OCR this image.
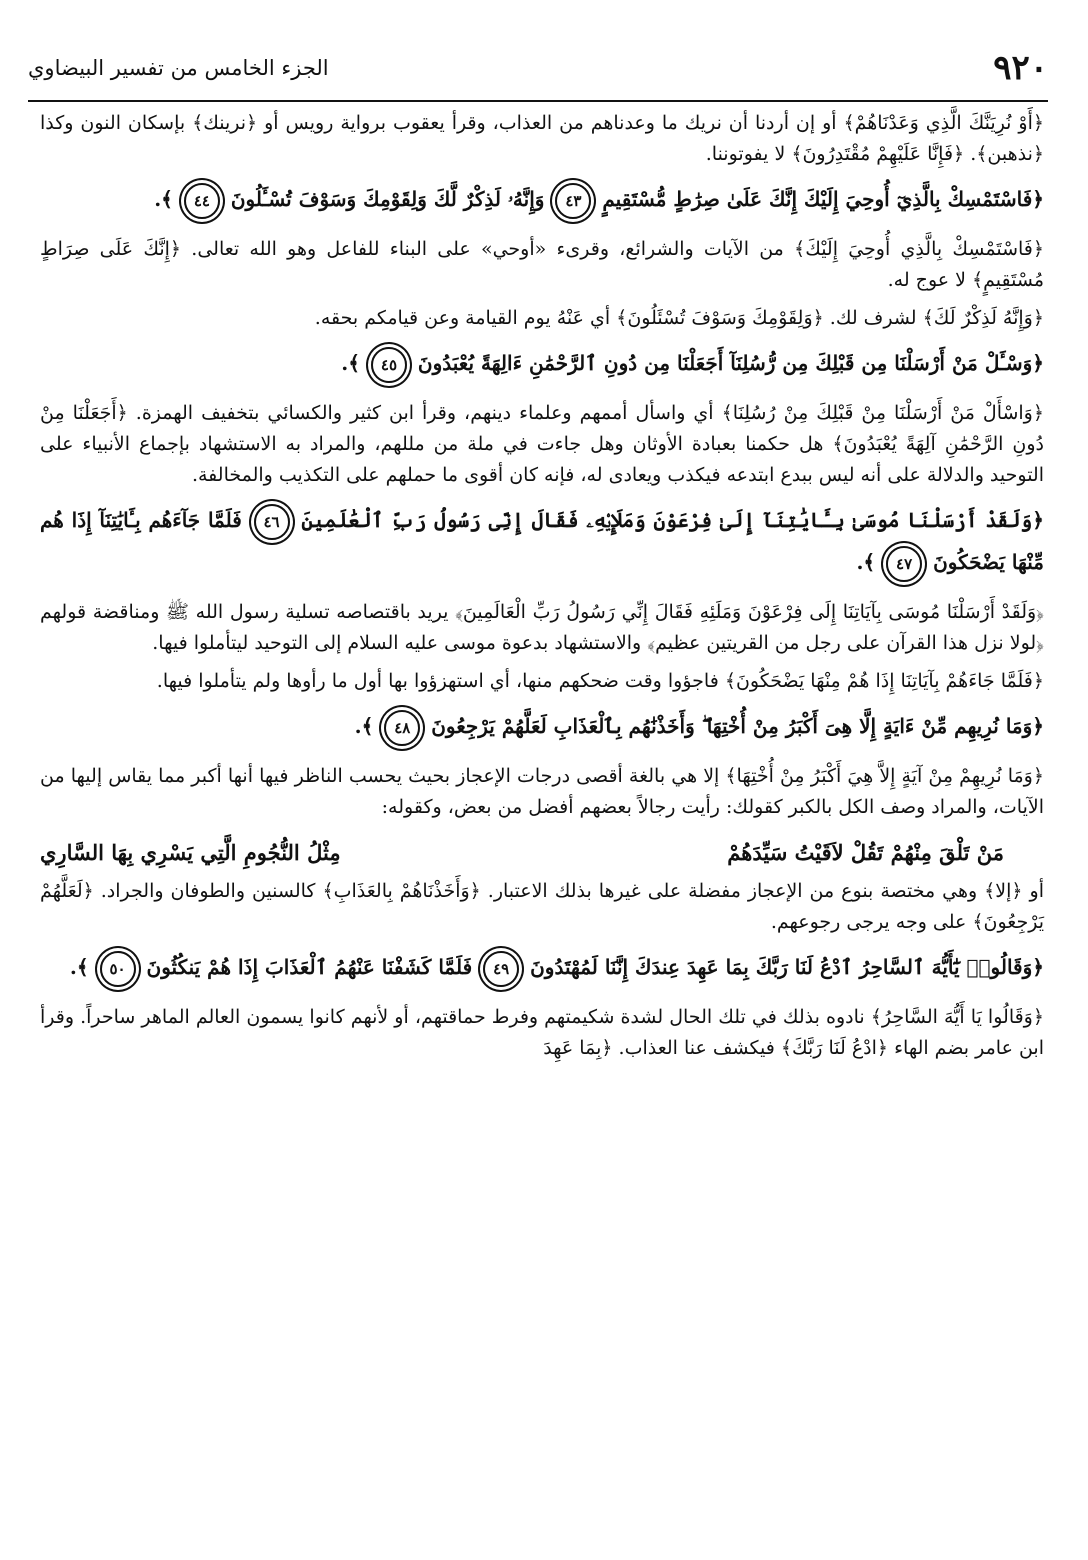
٩٢٠
الجزء الخامس من تفسير البيضاوي

﴿أَوْ نُرِيَنَّكَ الَّذِي وَعَدْنَاهُمْ﴾ أو إن أردنا أن نريك ما وعدناهم من العذاب، وقرأ يعقوب برواية رويس أو ﴿نرينك﴾ بإسكان النون وكذا ﴿نذهبن﴾. ﴿فَإِنَّا عَلَيْهِمْ مُقْتَدِرُونَ﴾ لا يفوتوننا.

﴿فَاسْتَمْسِكْ بِالَّذِيٓ أُوحِيَ إِلَيْكَ إِنَّكَ عَلَىٰ صِرَٰطٍ مُّسْتَقِيمٍ ٤٣ وَإِنَّهُۥ لَذِكْرٌ لَّكَ وَلِقَوْمِكَ وَسَوْفَ تُسْـَٔلُونَ ٤٤ ﴾.

﴿فَاسْتَمْسِكْ بِالَّذِي أُوحِيَ إِلَيْكَ﴾ من الآيات والشرائع، وقرىء «أوحي» على البناء للفاعل وهو الله تعالى. ﴿إِنَّكَ عَلَى صِرَاطٍ مُسْتَقِيمٍ﴾ لا عوج له.

﴿وَإِنَّهُ لَذِكْرٌ لَكَ﴾ لشرف لك. ﴿وَلِقَوْمِكَ وَسَوْفَ تُسْئَلُونَ﴾ أي عَنْهُ يوم القيامة وعن قيامكم بحقه.

﴿وَسْـَٔلْ مَنْ أَرْسَلْنَا مِن قَبْلِكَ مِن رُّسُلِنَآ أَجَعَلْنَا مِن دُونِ ٱلرَّحْمَٰنِ ءَالِهَةً يُعْبَدُونَ ٤٥ ﴾.

﴿وَاسْأَلْ مَنْ أَرْسَلْنَا مِنْ قَبْلِكَ مِنْ رُسُلِنَا﴾ أي واسأل أممهم وعلماء دينهم، وقرأ ابن كثير والكسائي بتخفيف الهمزة. ﴿أَجَعَلْنَا مِنْ دُونِ الرَّحْمَٰنِ آلِهَةً يُعْبَدُونَ﴾ هل حكمنا بعبادة الأوثان وهل جاءت في ملة من مللهم، والمراد به الاستشهاد بإجماع الأنبياء على التوحيد والدلالة على أنه ليس ببدع ابتدعه فيكذب ويعادى له، فإنه كان أقوى ما حملهم على التكذيب والمخالفة.

﴿وَلَقَدْ أَرْسَلْنَا مُوسَىٰ بِـَٔايَٰتِنَآ إِلَىٰ فِرْعَوْنَ وَمَلَإِي۟هِۦ فَقَالَ إِنِّى رَسُولُ رَبِّ ٱلْعَٰلَمِينَ ٤٦ فَلَمَّا جَآءَهُم بِـَٔايَٰتِنَآ إِذَا هُم مِّنْهَا يَضْحَكُونَ ٤٧ ﴾.

﴿وَلَقَدْ أَرْسَلْنَا مُوسَى بِآيَاتِنَا إِلَى فِرْعَوْنَ وَمَلَئِهِ فَقَالَ إِنِّي رَسُولُ رَبِّ الْعَالَمِينَ﴾ يريد باقتصاصه تسلية رسول الله ﷺ ومناقضة قولهم ﴿لولا نزل هذا القرآن على رجل من القريتين عظيم﴾ والاستشهاد بدعوة موسى عليه السلام إلى التوحيد ليتأملوا فيها.

﴿فَلَمَّا جَاءَهُمْ بِآيَاتِنَا إِذَا هُمْ مِنْهَا يَضْحَكُونَ﴾ فاجؤوا وقت ضحكهم منها، أي استهزؤوا بها أول ما رأوها ولم يتأملوا فيها.

﴿وَمَا نُرِيهِم مِّنْ ءَايَةٍ إِلَّا هِىَ أَكْبَرُ مِنْ أُخْتِهَا ۖ وَأَخَذْنَٰهُم بِٱلْعَذَابِ لَعَلَّهُمْ يَرْجِعُونَ ٤٨ ﴾.

﴿وَمَا نُرِيهِمْ مِنْ آيَةٍ إِلاَّ هِيَ أَكْبَرُ مِنْ أُخْتِهَا﴾ إلا هي بالغة أقصى درجات الإعجاز بحيث يحسب الناظر فيها أنها أكبر مما يقاس إليها من الآيات، والمراد وصف الكل بالكبر كقولك: رأيت رجالاً بعضهم أفضل من بعض، وكقوله:

مَنْ تَلْقَ مِنْهُمْ تَقُلْ لاَقَيْتُ سَيِّدَهُمْ
مِثْلُ النُّجُومِ الَّتِي يَسْرِي بِهَا السَّارِي

أو ﴿إلا﴾ وهي مختصة بنوع من الإعجاز مفضلة على غيرها بذلك الاعتبار. ﴿وَأَخَذْنَاهُمْ بِالعَذَابِ﴾ كالسنين والطوفان والجراد. ﴿لَعَلَّهُمْ يَرْجِعُونَ﴾ على وجه يرجى رجوعهم.

﴿وَقَالُوا۟ يَٰٓأَيُّهَ ٱلسَّاحِرُ ٱدْعُ لَنَا رَبَّكَ بِمَا عَهِدَ عِندَكَ إِنَّنَا لَمُهْتَدُونَ ٤٩ فَلَمَّا كَشَفْنَا عَنْهُمُ ٱلْعَذَابَ إِذَا هُمْ يَنكُثُونَ ٥٠ ﴾.

﴿وَقَالُوا يَا أَيُّهَ السَّاحِرُ﴾ نادوه بذلك في تلك الحال لشدة شكيمتهم وفرط حماقتهم، أو لأنهم كانوا يسمون العالم الماهر ساحراً. وقرأ ابن عامر بضم الهاء ﴿ادْعُ لَنَا رَبَّكَ﴾ فيكشف عنا العذاب. ﴿بِمَا عَهِدَ
